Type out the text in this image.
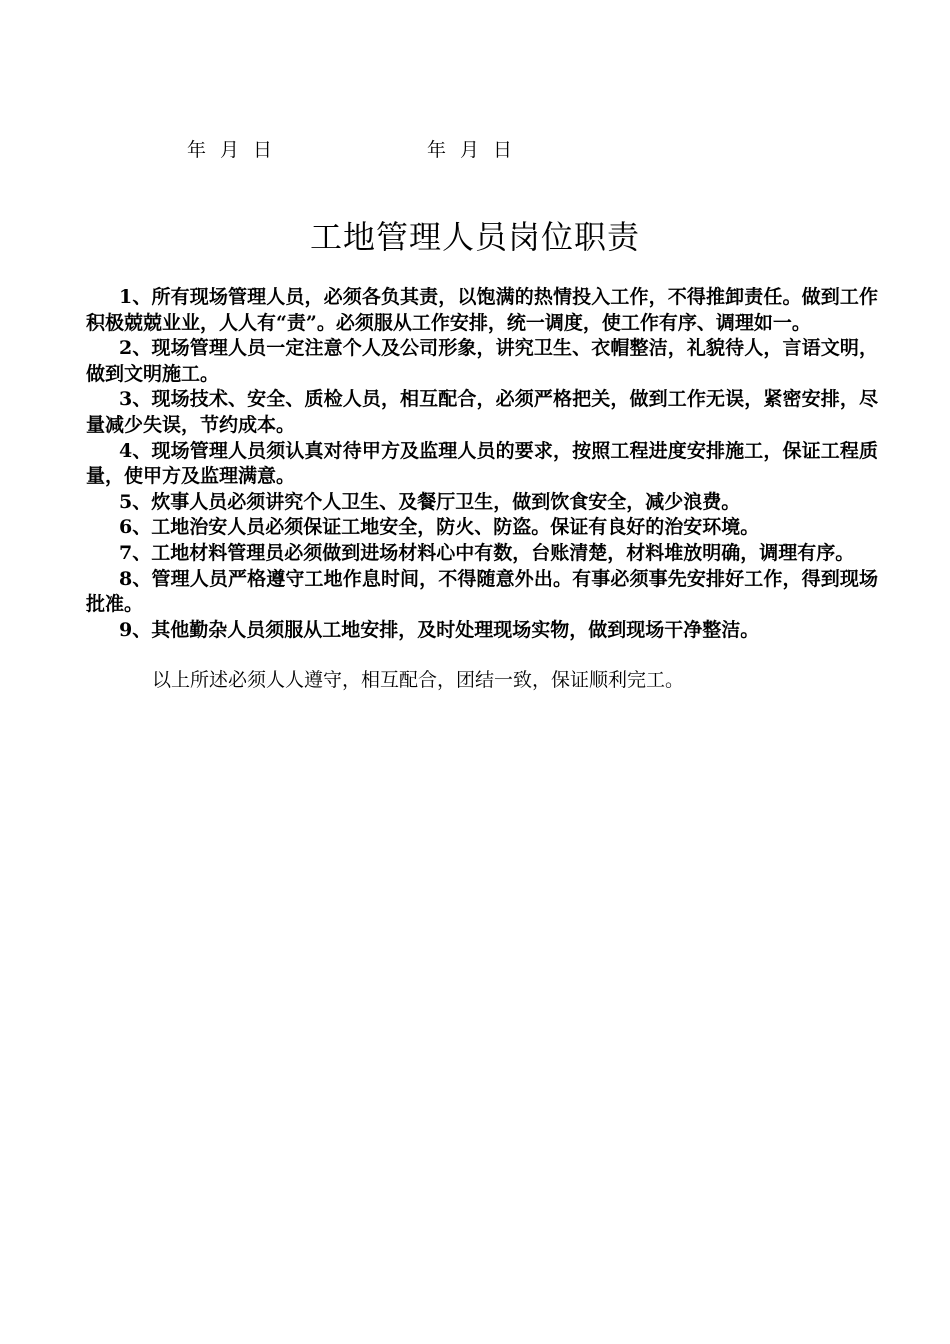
年 月 日	年 月 日
工地管理人员岗位职责

1、所有现场管理人员，必须各负其责，以饱满的热情投入工作，不得推卸责任。做到工作积极兢兢业业，人人有“责”。必须服从工作安排，统一调度，使工作有序、调理如一。

2、现场管理人员一定注意个人及公司形象，讲究卫生、衣帽整洁，礼貌待人，言语文明，做到文明施工。

3、现场技术、安全、质检人员，相互配合，必须严格把关，做到工作无误，紧密安排，尽量减少失误，节约成本。

4、现场管理人员须认真对待甲方及监理人员的要求，按照工程进度安排施工，保证工程质量，使甲方及监理满意。

5、炊事人员必须讲究个人卫生、及餐厅卫生，做到饮食安全，减少浪费。

6、工地治安人员必须保证工地安全，防火、防盗。保证有良好的治安环境。

7、工地材料管理员必须做到进场材料心中有数，台账清楚，材料堆放明确，调理有序。

8、管理人员严格遵守工地作息时间，不得随意外出。有事必须事先安排好工作，得到现场批准。

9、其他勤杂人员须服从工地安排，及时处理现场实物，做到现场干净整洁。

以上所述必须人人遵守，相互配合，团结一致，保证顺利完工。
